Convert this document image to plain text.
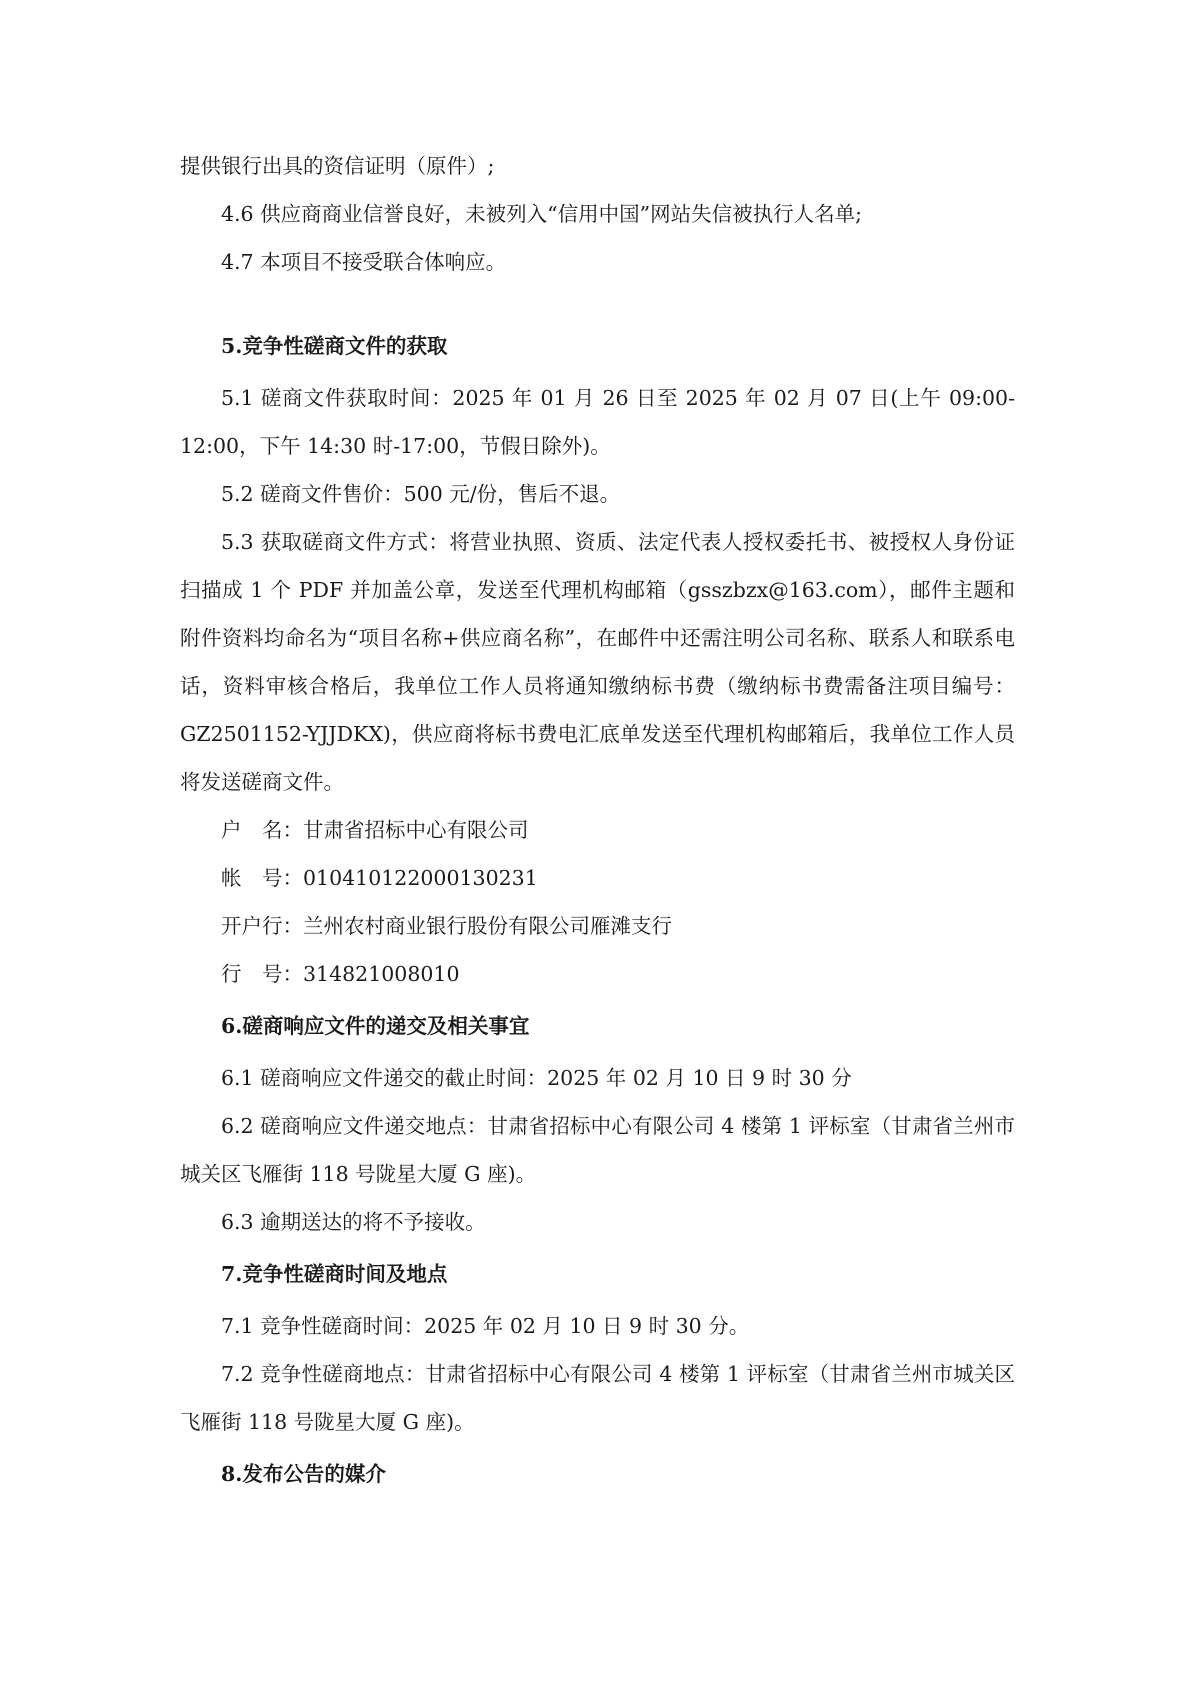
提供银行出具的资信证明（原件）;

4.6 供应商商业信誉良好，未被列入“信用中国”网站失信被执行人名单;

4.7 本项目不接受联合体响应。

5.竞争性磋商文件的获取

5.1 磋商文件获取时间：2025 年 01 月 26 日至 2025 年 02 月 07 日(上午 09:00-12:00，下午 14:30 时-17:00，节假日除外)。

5.2 磋商文件售价：500 元/份，售后不退。

5.3 获取磋商文件方式：将营业执照、资质、法定代表人授权委托书、被授权人身份证扫描成 1 个 PDF 并加盖公章，发送至代理机构邮箱（gsszbzx@163.com），邮件主题和附件资料均命名为“项目名称+供应商名称”，在邮件中还需注明公司名称、联系人和联系电话，资料审核合格后，我单位工作人员将通知缴纳标书费（缴纳标书费需备注项目编号：GZ2501152-YJJDKX)，供应商将标书费电汇底单发送至代理机构邮箱后，我单位工作人员将发送磋商文件。

户　名：甘肃省招标中心有限公司

帐　号：010410122000130231

开户行：兰州农村商业银行股份有限公司雁滩支行

行　号：314821008010

6.磋商响应文件的递交及相关事宜

6.1 磋商响应文件递交的截止时间：2025 年 02 月 10 日 9 时 30 分

6.2 磋商响应文件递交地点：甘肃省招标中心有限公司 4 楼第 1 评标室（甘肃省兰州市城关区飞雁街 118 号陇星大厦 G 座)。

6.3 逾期送达的将不予接收。

7.竞争性磋商时间及地点

7.1 竞争性磋商时间：2025 年 02 月 10 日 9 时 30 分。

7.2 竞争性磋商地点：甘肃省招标中心有限公司 4 楼第 1 评标室（甘肃省兰州市城关区飞雁街 118 号陇星大厦 G 座)。

8.发布公告的媒介
